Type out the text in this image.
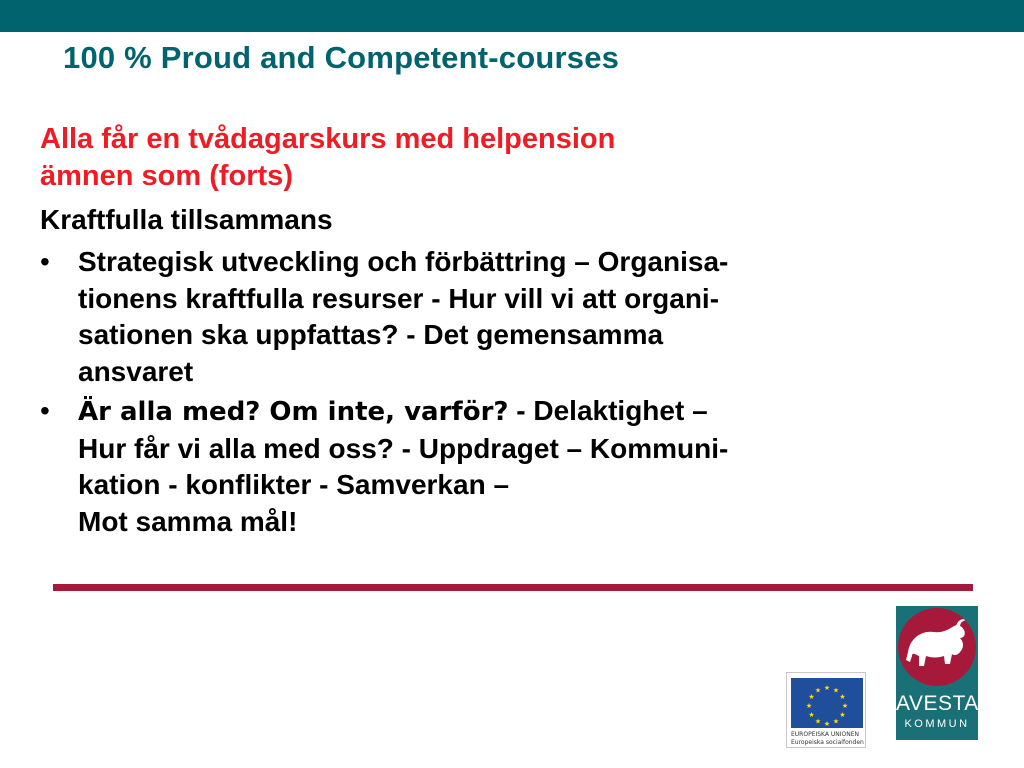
100 % Proud and Competent-courses

Alla får en tvådagarskurs med helpension
ämnen som (forts)

Kraftfulla tillsammans

• Strategisk utveckling och förbättring – Organisa-
tionens kraftfulla resurser - Hur vill vi att organi-
sationen ska uppfattas? - Det gemensamma
ansvaret
• Är alla med? Om inte, varför? - Delaktighet –
Hur får vi alla med oss? - Uppdraget – Kommuni-
kation - konflikter - Samverkan –
Mot samma mål!
★ ★
★
★
★
★
★
★
★
★
★
★
EUROPEISKA UNIONEN
Europeiska socialfonden
AVESTA
KOMMUN
